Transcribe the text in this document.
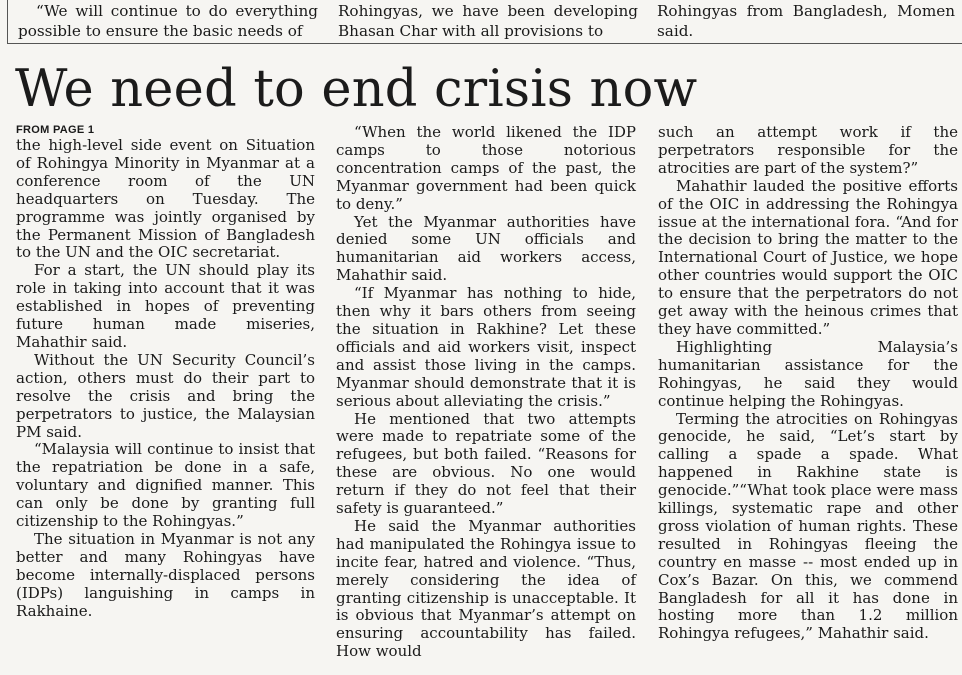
“We will continue to do everything possible to ensure the basic needs of
Rohingyas, we have been developing Bhasan Char with all provisions to
Rohingyas from Bangladesh, Momen said.
We need to end crisis now
FROM PAGE 1

the high-level side event on Situation of Rohingya Minority in Myanmar at a conference room of the UN headquarters on Tuesday. The programme was jointly organised by the Permanent Mission of Bangladesh to the UN and the OIC secretariat.

For a start, the UN should play its role in taking into account that it was established in hopes of preventing future human made miseries, Mahathir said.

Without the UN Security Council’s action, others must do their part to resolve the crisis and bring the perpetrators to justice, the Malaysian PM said.

“Malaysia will continue to insist that the repatriation be done in a safe, voluntary and dignified manner. This can only be done by granting full citizenship to the Rohingyas.”

The situation in Myanmar is not any better and many Rohingyas have become internally-displaced persons (IDPs) languishing in camps in Rakhaine.

“When the world likened the IDP camps to those notorious concentration camps of the past, the Myanmar government had been quick to deny.”

Yet the Myanmar authorities have denied some UN officials and humanitarian aid workers access, Mahathir said.

“If Myanmar has nothing to hide, then why it bars others from seeing the situation in Rakhine? Let these officials and aid workers visit, inspect and assist those living in the camps. Myanmar should demonstrate that it is serious about alleviating the crisis.”

He mentioned that two attempts were made to repatriate some of the refugees, but both failed. “Reasons for these are obvious. No one would return if they do not feel that their safety is guaranteed.”

He said the Myanmar authorities had manipulated the Rohingya issue to incite fear, hatred and violence. “Thus, merely considering the idea of granting citizenship is unacceptable. It is obvious that Myanmar’s attempt on ensuring accountability has failed. How would

such an attempt work if the perpetrators responsible for the atrocities are part of the system?”

Mahathir lauded the positive efforts of the OIC in addressing the Rohingya issue at the international fora. “And for the decision to bring the matter to the International Court of Justice, we hope other countries would support the OIC to ensure that the perpetrators do not get away with the heinous crimes that they have committed.”

Highlighting Malaysia’s humanitarian assistance for the Rohingyas, he said they would continue helping the Rohingyas.

Terming the atrocities on Rohingyas genocide, he said, “Let’s start by calling a spade a spade. What happened in Rakhine state is genocide.”“What took place were mass killings, systematic rape and other gross violation of human rights. These resulted in Rohingyas fleeing the country en masse -- most ended up in Cox’s Bazar. On this, we commend Bangladesh for all it has done in hosting more than 1.2 million Rohingya refugees,” Mahathir said.
